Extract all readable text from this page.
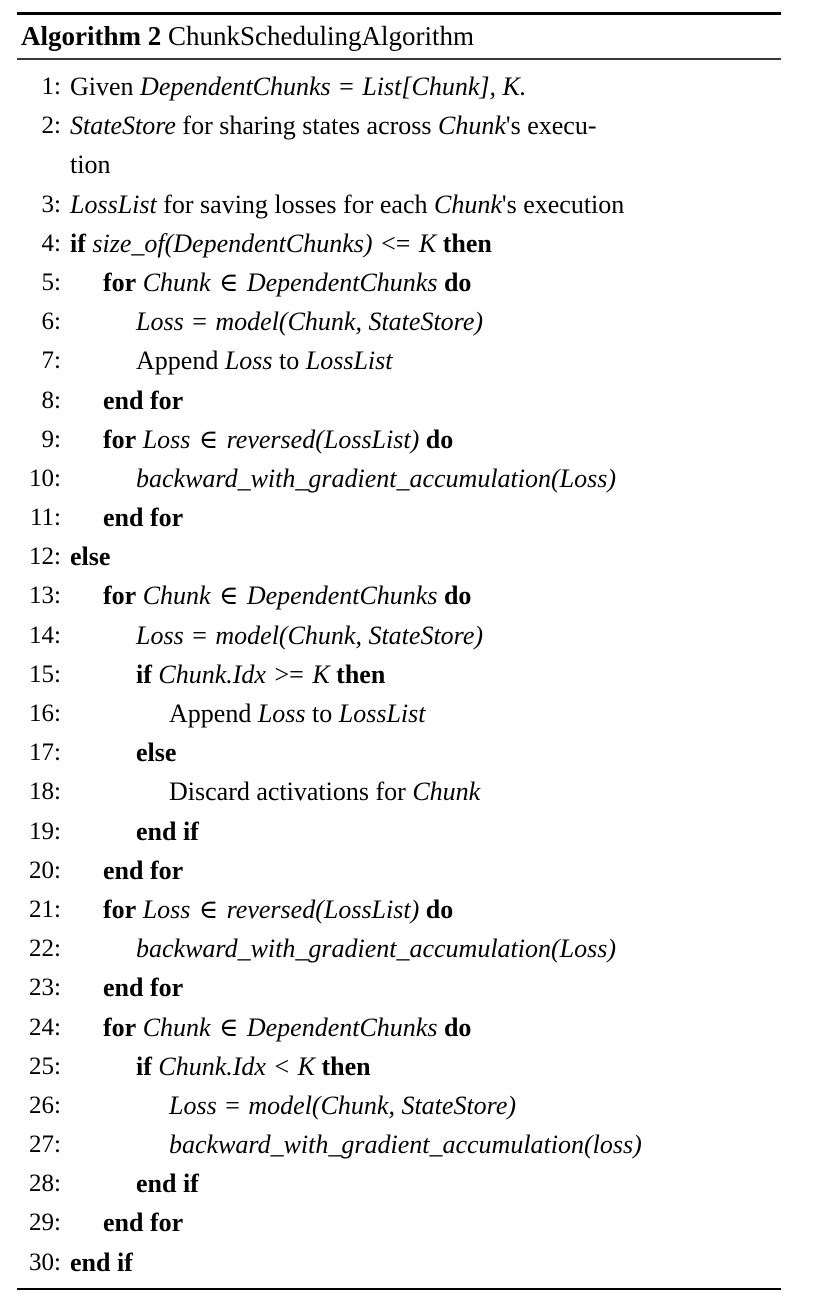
Algorithm 2 ChunkSchedulingAlgorithm
1: Given DependentChunks = List[Chunk], K.
2: StateStore for sharing states across Chunk's execu-
tion
3: LossList for saving losses for each Chunk's execution
4: if size_of(DependentChunks) <= K then
5:	for Chunk ∈ DependentChunks do
6:	Loss = model(Chunk, StateStore)
7:	Append Loss to LossList
8:	end for
9:	for Loss ∈ reversed(LossList) do
10:	backward_with_gradient_accumulation(Loss)
11:	end for
12: else
13:	for Chunk ∈ DependentChunks do
14:	Loss = model(Chunk, StateStore)
15:	if Chunk.Idx >= K then
16:	Append Loss to LossList
17:	else
18:	Discard activations for Chunk
19:	end if
20:	end for
21:	for Loss ∈ reversed(LossList) do
22:	backward_with_gradient_accumulation(Loss)
23:	end for
24:	for Chunk ∈ DependentChunks do
25:	if Chunk.Idx < K then
26:	Loss = model(Chunk, StateStore)
27:	backward_with_gradient_accumulation(loss)
28:	end if
29:	end for
30: end if
